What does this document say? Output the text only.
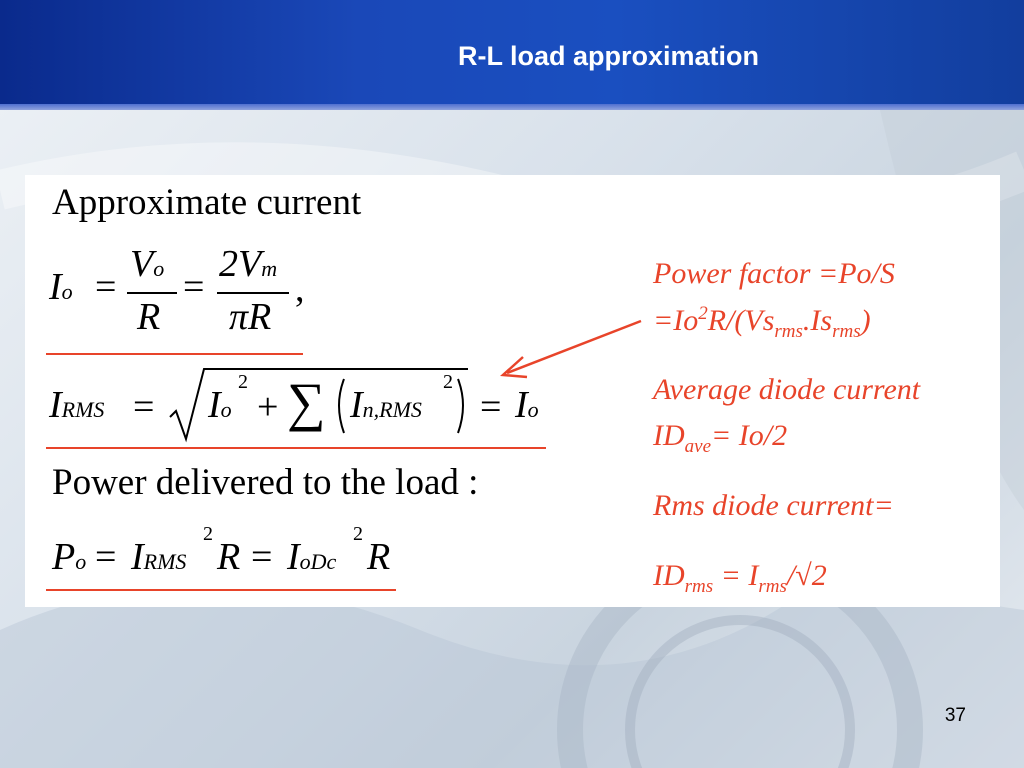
R-L load approximation
Approximate current
Io =
Vo
R
=
2Vm
πR
,
IRMS = Io
2
+ ∑ In,RMS
2
= Io
Power delivered to the load :
Po = IRMS
2
R = IoDc
2
R
Power factor =Po/S
$=Io^2R/(Vs_{rms}.Is_{rms})$
Average diode current
$ID_{ave}= Io/2$
Rms diode current=
$ID_{rms} = I_{rms}/√2$
37
